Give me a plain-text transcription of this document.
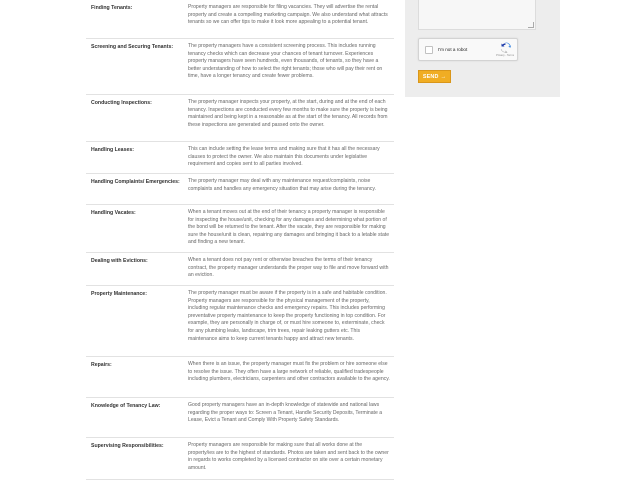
Finding Tenants:	Property managers are responsible for filing vacancies. They will advertise the rental property and create a compelling marketing campaign. We also understand what attracts tenants so we can offer tips to make it look more appealing to a potential tenant.
Screening and Securing Tenants:	The property managers have a consistent screening process. This includes running tenancy checks which can decrease your chances of tenant turnover. Experiences property managers have seen hundreds, even thousands, of tenants, so they have a better understanding of how to select the right tenants; those who will pay their rent on time, have a longer tenancy and create fewer problems.
Conducting Inspections:	The property manager inspects your property, at the start, during and at the end of each tenancy. Inspections are conducted every few months to make sure the property is being maintained and being kept in a reasonable as at the start of the tenancy. All records from these inspections are generated and passed onto the owner.
Handling Leases:	This can include setting the lease terms and making sure that it has all the necessary clauses to protect the owner. We also maintain this documents under legislative requirement and copies sent to all parties involved.
Handling Complaints/ Emergencies:	The property manager may deal with any maintenance request/complaints, noise complaints and handles any emergency situation that may arise during the tenancy.
Handling Vacates:	When a tenant moves out at the end of their tenancy a property manager is responsible for inspecting the house/unit, checking for any damages and determining what portion of the bond will be returned to the tenant. After the vacate, they are responsible for making sure the house/unit is clean, repairing any damages and bringing it back to a letable state and finding a new tenant.
Dealing with Evictions:	When a tenant does not pay rent or otherwise breaches the terms of their tenancy contract, the property manager understands the proper way to file and move forward with an eviction.
Property Maintenance:	The property manager must be aware if the property is in a safe and habitable condition. Property managers are responsible for the physical management of the property, including regular maintenance checks and emergency repairs. This includes performing preventative property maintenance to keep the property functioning in top condition. For example, they are personally in charge of, or must hire someone to, exterminate, check for any plumbing leaks, landscape, trim trees, repair leaking gutters etc. This maintenance aims to keep current tenants happy and attract new tenants.
Repairs:	When there is an issue, the property manager must fix the problem or hire someone else to resolve the issue. They often have a large network of reliable, qualified tradespeople including plumbers, electricians, carpenters and other contractors available to the agency.
Knowledge of Tenancy Law:	Good property managers have an in-depth knowledge of statewide and national laws regarding the proper ways to: Screen a Tenant, Handle Security Deposits, Terminate a Lease, Evict a Tenant and Comply With Property Safety Standards.
Supervising Responsibilities:	Property managers are responsible for making sure that all works done at the property/ies are to the highest of standards. Photos are taken and sent back to the owner in regards to works completed by a licensed contractor on site over a certain monetary amount.
I'm not a robot
Privacy - Terms
SEND →
